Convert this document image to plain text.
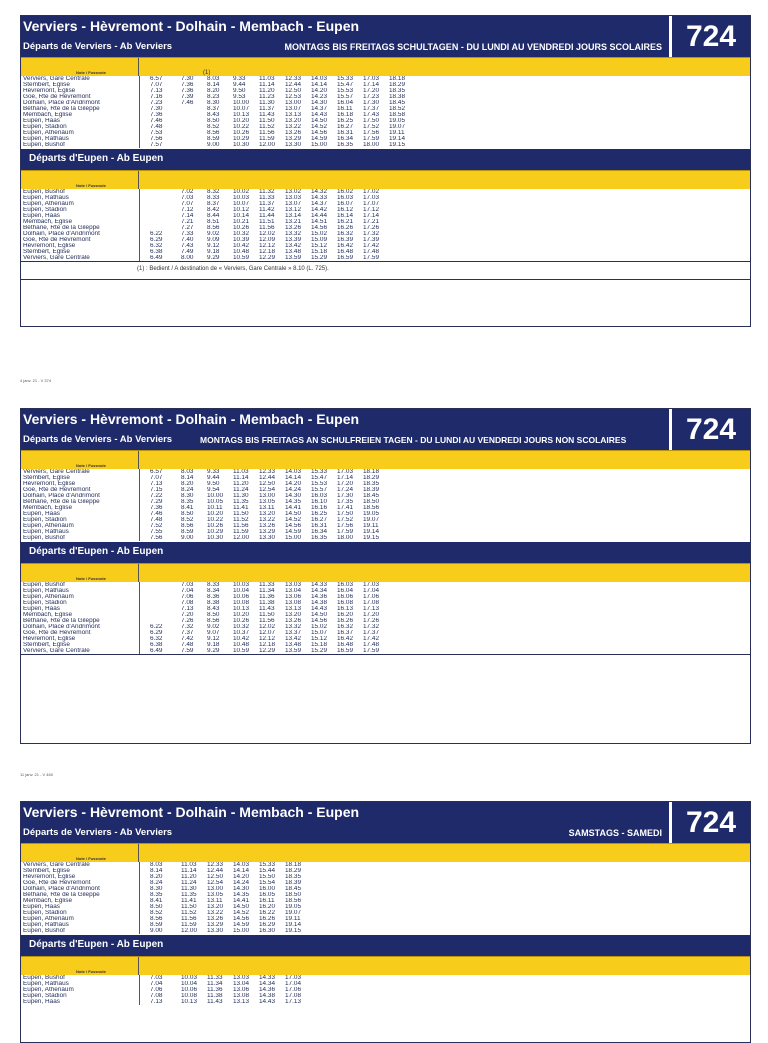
Verviers - Hèvremont - Dolhain - Membach - Eupen
Départs de Verviers - Ab Verviers	MONTAGS BIS FREITAGS SCHULTAGEN - DU LUNDI AU VENDREDI JOURS SCOLAIRES 724
Note / Fussnote	(1)
Verviers, Gare Centrale	6.57	7.30	8.03	9.33	11.03	12.33	14.03	15.33	17.03	18.18	
Stembert, Eglise	7.07	7.36	8.14	9.44	11.14	12.44	14.14	15.47	17.14	18.29	
Hèvremont, Eglise	7.13	7.36	8.20	9.50	11.20	12.50	14.20	15.53	17.20	18.35	
Goé, Rte de Hèvremont	7.16	7.39	8.23	9.53	11.23	12.53	14.23	15.57	17.23	18.38	
Dolhain, Place d'Andrimont	7.23	7.46	8.30	10.00	11.30	13.00	14.30	16.04	17.30	18.45	
Béthane, Rte de la Gileppe	7.30		8.37	10.07	11.37	13.07	14.37	16.11	17.37	18.52	
Membach, Eglise	7.36		8.43	10.13	11.43	13.13	14.43	16.18	17.43	18.58	
Eupen, Haas	7.46		8.50	10.20	11.50	13.20	14.50	16.25	17.50	19.05	
Eupen, Stadion	7.48		8.52	10.22	11.52	13.22	14.52	16.27	17.52	19.07	
Eupen, Athenäum	7.53		8.56	10.26	11.56	13.26	14.56	16.31	17.56	19.11	
Eupen, Rathaus	7.56		8.59	10.29	11.59	13.29	14.59	16.34	17.59	19.14	
Eupen, Bushof	7.57		9.00	10.30	12.00	13.30	15.00	16.35	18.00	19.15	
Départs d'Eupen - Ab Eupen
Note / Fussnote
Eupen, Bushof		7.02	8.32	10.02	11.32	13.02	14.32	16.02	17.02	
Eupen, Rathaus		7.03	8.33	10.03	11.33	13.03	14.33	16.03	17.03	
Eupen, Athenäum		7.07	8.37	10.07	11.37	13.07	14.37	16.07	17.07	
Eupen, Stadion		7.12	8.42	10.12	11.42	13.12	14.42	16.12	17.12	
Eupen, Haas		7.14	8.44	10.14	11.44	13.14	14.44	16.14	17.14	
Membach, Eglise		7.21	8.51	10.21	11.51	13.21	14.51	16.21	17.21	
Béthane, Rte de la Gileppe		7.27	8.56	10.26	11.56	13.26	14.56	16.26	17.26	
Dolhain, Place d'Andrimont	6.22	7.33	9.02	10.32	12.02	13.32	15.02	16.32	17.32	
Goé, Rte de Hèvremont	6.29	7.40	9.09	10.39	12.09	13.39	15.09	16.39	17.39	
Hèvremont, Eglise	6.32	7.43	9.12	10.42	12.12	13.42	15.12	16.42	17.42	
Stembert, Eglise	6.38	7.49	9.18	10.48	12.18	13.48	15.18	16.48	17.48	
Verviers, Gare Centrale	6.49	8.00	9.29	10.59	12.29	13.59	15.29	16.59	17.59	
(1) : Bedient / A destination de « Verviers, Gare Centrale » 8.10 (L. 725).
4 janv. 21 - V 374
Verviers - Hèvremont - Dolhain - Membach - Eupen
Départs de Verviers - Ab Verviers	MONTAGS BIS FREITAGS AN SCHULFREIEN TAGEN - DU LUNDI AU VENDREDI JOURS NON SCOLAIRES	724
Note / Fussnote
Verviers, Gare Centrale	6.57	8.03	9.33	11.03	12.33	14.03	15.33	17.03	18.18	
Stembert, Eglise	7.07	8.14	9.44	11.14	12.44	14.14	15.47	17.14	18.29	
Hèvremont, Eglise	7.13	8.20	9.50	11.20	12.50	14.20	15.53	17.20	18.35	
Goé, Rte de Hèvremont	7.15	8.24	9.54	11.24	12.54	14.24	15.57	17.24	18.39	
Dolhain, Place d'Andrimont	7.22	8.30	10.00	11.30	13.00	14.30	16.03	17.30	18.45	
Béthane, Rte de la Gileppe	7.29	8.35	10.05	11.35	13.05	14.35	16.10	17.35	18.50	
Membach, Eglise	7.36	8.41	10.11	11.41	13.11	14.41	16.16	17.41	18.56	
Eupen, Haas	7.46	8.50	10.20	11.50	13.20	14.50	16.25	17.50	19.05	
Eupen, Stadion	7.48	8.52	10.22	11.52	13.22	14.52	16.27	17.52	19.07	
Eupen, Athenäum	7.52	8.56	10.26	11.56	13.26	14.56	16.31	17.56	19.11	
Eupen, Rathaus	7.55	8.59	10.29	11.59	13.29	14.59	16.34	17.59	19.14	
Eupen, Bushof	7.56	9.00	10.30	12.00	13.30	15.00	16.35	18.00	19.15	
Départs d'Eupen - Ab Eupen
Note / Fussnote
Eupen, Bushof		7.03	8.33	10.03	11.33	13.03	14.33	16.03	17.03	
Eupen, Rathaus		7.04	8.34	10.04	11.34	13.04	14.34	16.04	17.04	
Eupen, Athenäum		7.06	8.36	10.06	11.36	13.06	14.36	16.06	17.06	
Eupen, Stadion		7.08	8.38	10.08	11.38	13.08	14.38	16.08	17.08	
Eupen, Haas		7.13	8.43	10.13	11.43	13.13	14.43	16.13	17.13	
Membach, Eglise		7.20	8.50	10.20	11.50	13.20	14.50	16.20	17.20	
Béthane, Rte de la Gileppe		7.26	8.56	10.26	11.56	13.26	14.56	16.26	17.26	
Dolhain, Place d'Andrimont	6.22	7.32	9.02	10.32	12.02	13.32	15.02	16.32	17.32	
Goé, Rte de Hèvremont	6.29	7.37	9.07	10.37	12.07	13.37	15.07	16.37	17.37	
Hèvremont, Eglise	6.32	7.42	9.12	10.42	12.12	13.42	15.12	16.42	17.42	
Stembert, Eglise	6.38	7.48	9.18	10.48	12.18	13.48	15.18	16.48	17.48	
Verviers, Gare Centrale	6.49	7.59	9.29	10.59	12.29	13.59	15.29	16.59	17.59	
11 janv. 21 - V 460
Verviers - Hèvremont - Dolhain - Membach - Eupen
Départs de Verviers - Ab Verviers	SAMSTAGS - SAMEDI 724
Note / Fussnote
Verviers, Gare Centrale	8.03	11.03	12.33	14.03	15.33	18.18	
Stembert, Eglise	8.14	11.14	12.44	14.14	15.44	18.29	
Hèvremont, Eglise	8.20	11.20	12.50	14.20	15.50	18.35	
Goé, Rte de Hèvremont	8.24	11.24	12.54	14.24	15.54	18.39	
Dolhain, Place d'Andrimont	8.30	11.30	13.00	14.30	16.00	18.45	
Béthane, Rte de la Gileppe	8.35	11.35	13.05	14.35	16.05	18.50	
Membach, Eglise	8.41	11.41	13.11	14.41	16.11	18.56	
Eupen, Haas	8.50	11.50	13.20	14.50	16.20	19.05	
Eupen, Stadion	8.52	11.52	13.22	14.52	16.22	19.07	
Eupen, Athenäum	8.56	11.56	13.26	14.56	16.26	19.11	
Eupen, Rathaus	8.59	11.59	13.29	14.59	16.29	19.14	
Eupen, Bushof	9.00	12.00	13.30	15.00	16.30	19.15	
Départs d'Eupen - Ab Eupen
Note / Fussnote
Eupen, Bushof	7.03	10.03	11.33	13.03	14.33	17.03	
Eupen, Rathaus	7.04	10.04	11.34	13.04	14.34	17.04	
Eupen, Athenäum	7.06	10.06	11.36	13.06	14.36	17.06	
Eupen, Stadion	7.08	10.08	11.38	13.08	14.38	17.08	
Eupen, Haas	7.13	10.13	11.43	13.13	14.43	17.13	
